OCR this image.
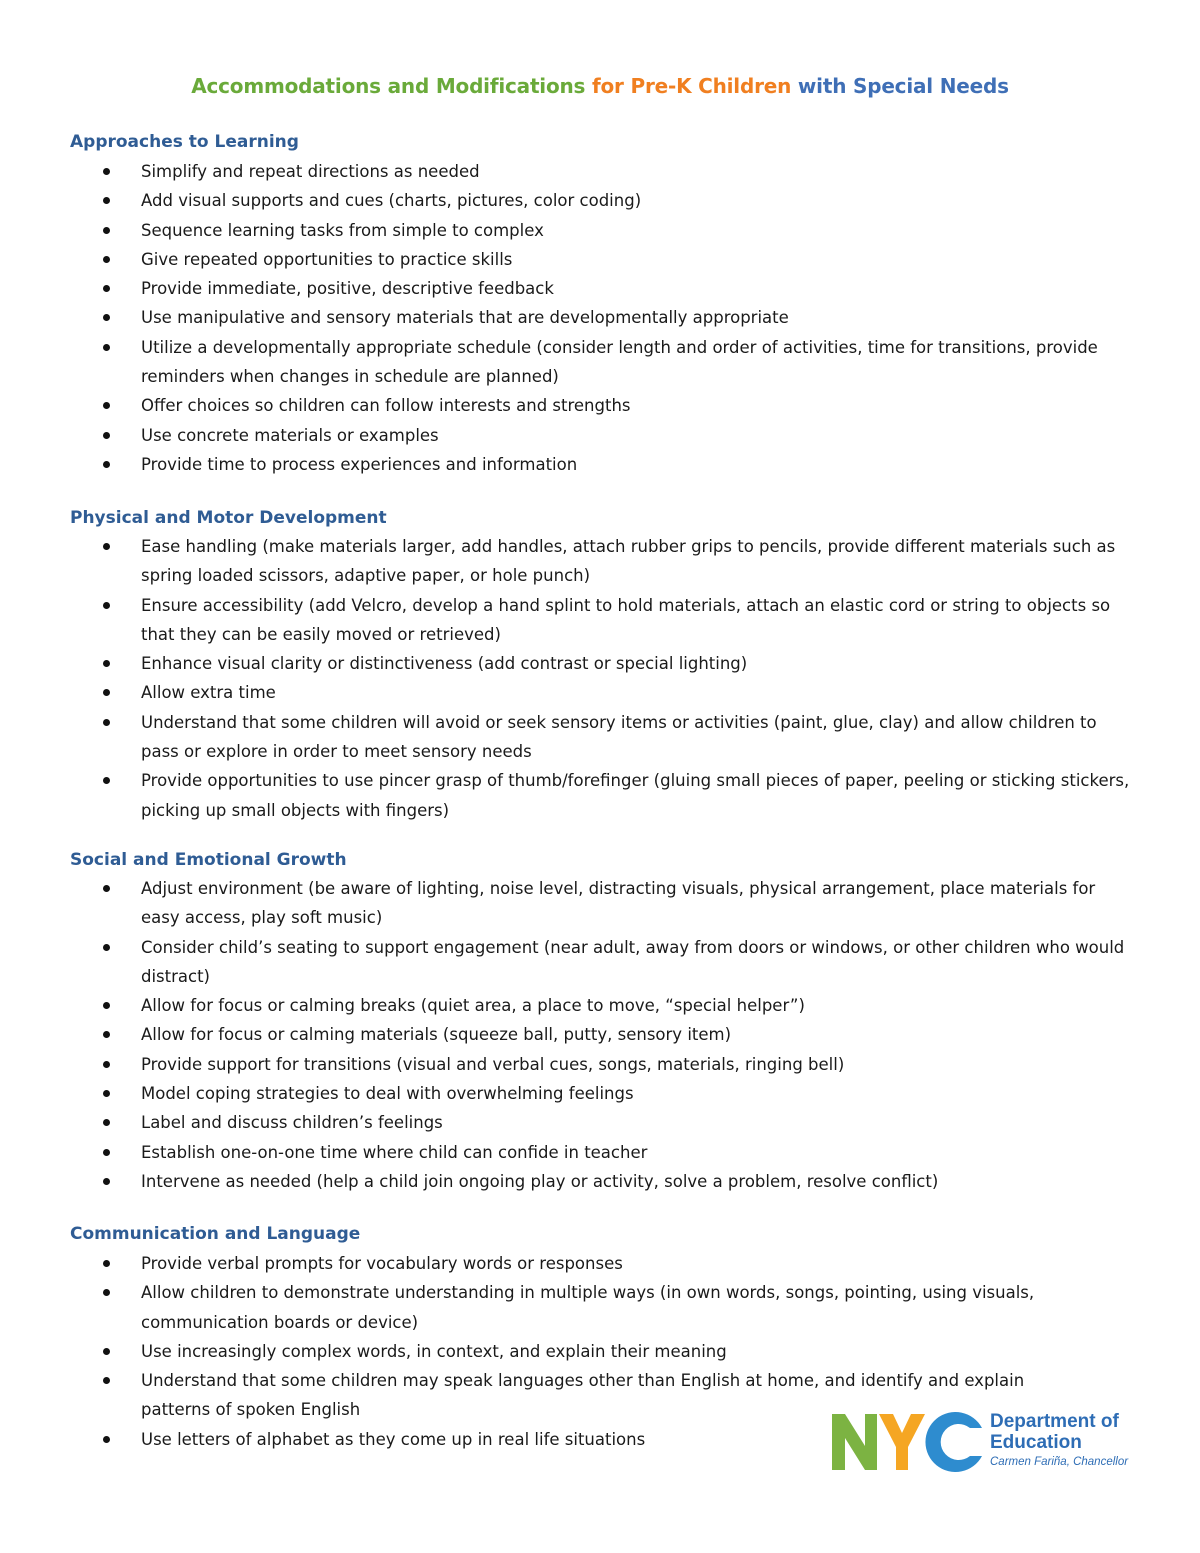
Accommodations and Modifications for Pre-K Children with Special Needs
Approaches to Learning
Simplify and repeat directions as needed
Add visual supports and cues (charts, pictures, color coding)
Sequence learning tasks from simple to complex
Give repeated opportunities to practice skills
Provide immediate, positive, descriptive feedback
Use manipulative and sensory materials that are developmentally appropriate
Utilize a developmentally appropriate schedule (consider length and order of activities, time for transitions, provide reminders when changes in schedule are planned)
Offer choices so children can follow interests and strengths
Use concrete materials or examples
Provide time to process experiences and information
Physical and Motor Development
Ease handling (make materials larger, add handles, attach rubber grips to pencils, provide different materials such as spring loaded scissors, adaptive paper, or hole punch)
Ensure accessibility (add Velcro, develop a hand splint to hold materials, attach an elastic cord or string to objects so that they can be easily moved or retrieved)
Enhance visual clarity or distinctiveness (add contrast or special lighting)
Allow extra time
Understand that some children will avoid or seek sensory items or activities (paint, glue, clay) and allow children to pass or explore in order to meet sensory needs
Provide opportunities to use pincer grasp of thumb/forefinger (gluing small pieces of paper, peeling or sticking stickers, picking up small objects with fingers)
Social and Emotional Growth
Adjust environment (be aware of lighting, noise level, distracting visuals, physical arrangement, place materials for easy access, play soft music)
Consider child’s seating to support engagement (near adult, away from doors or windows, or other children who would distract)
Allow for focus or calming breaks (quiet area, a place to move, “special helper”)
Allow for focus or calming materials (squeeze ball, putty, sensory item)
Provide support for transitions (visual and verbal cues, songs, materials, ringing bell)
Model coping strategies to deal with overwhelming feelings
Label and discuss children’s feelings
Establish one-on-one time where child can confide in teacher
Intervene as needed (help a child join ongoing play or activity, solve a problem, resolve conflict)
Communication and Language
Provide verbal prompts for vocabulary words or responses
Allow children to demonstrate understanding in multiple ways (in own words, songs, pointing, using visuals, communication boards or device)
Use increasingly complex words, in context, and explain their meaning
Understand that some children may speak languages other than English at home, and identify and explain patterns of spoken English
Use letters of alphabet as they come up in real life situations
Department of
Education
Carmen Fariña, Chancellor
